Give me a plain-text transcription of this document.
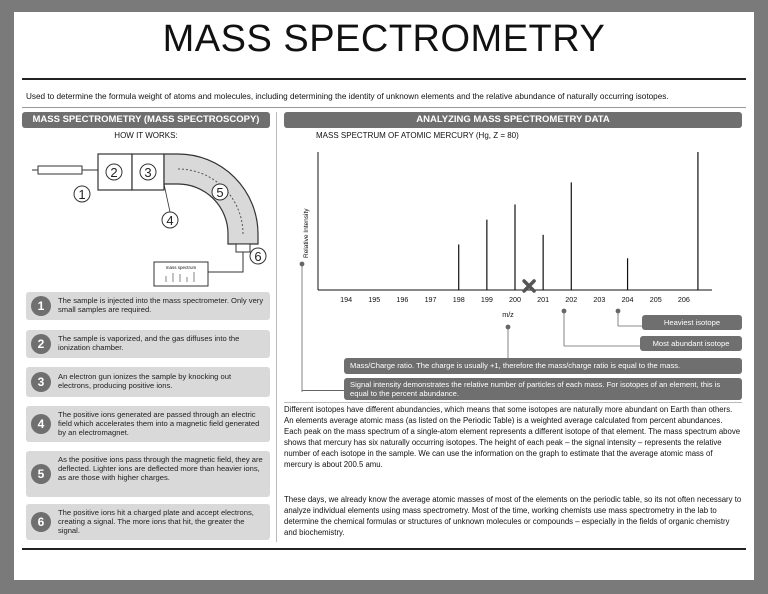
MASS SPECTROMETRY
Used to determine the formula weight of atoms and molecules, including determining the identity of unknown elements and the relative abundance of naturally occurring isotopes.
MASS SPECTROMETRY (MASS SPECTROSCOPY)
HOW IT WORKS:
mass spectrum
1
2 3
4
5
6
1	The sample is injected into the mass spectrometer. Only very small samples are required.
2	The sample is vaporized, and the gas diffuses into the ionization chamber.
3	An electron gun ionizes the sample by knocking out electrons, producing positive ions.
4
The positive ions generated are passed through an electric field which accelerates them into a magnetic field generated by an electromagnet.
5
As the positive ions pass through the magnetic field, they are deflected. Lighter ions are deflected more than heavier ions, as are those with higher charges.
6
The positive ions hit a charged plate and accept electrons, creating a signal. The more ions that hit, the greater the signal.
ANALYZING MASS SPECTROMETRY DATA
MASS SPECTRUM OF ATOMIC MERCURY (Hg, Z = 80)
Relative Intensity
m/z
194 195 196 197 198 199 200 201 202 203 204 205 206
Heaviest isotope
Most abundant isotope
Mass/Charge ratio. The charge is usually +1, therefore the mass/charge ratio is equal to the mass.
Signal intensity demonstrates the relative number of particles of each mass. For isotopes of an element, this is equal to the percent abundance.
Different isotopes have different abundancies, which means that some isotopes are naturally more abundant on Earth than others. An elements average atomic mass (as listed on the Periodic Table) is a weighted average calculated from percent abundances. Each peak on the mass spectrum of a single-atom element represents a different isotope of that element. The mass spectrum above shows that mercury has six naturally occurring isotopes. The height of each peak – the signal intensity – represents the relative number of each isotope in the sample. We can use the information on the graph to estimate that the average atomic mass of mercury is about 200.5 amu.
These days, we already know the average atomic masses of most of the elements on the periodic table, so its not often necessary to analyze individual elements using mass spectrometry. Most of the time, working chemists use mass spectrometry in the lab to determine the chemical formulas or structures of unknown molecules or compounds – especially in the fields of organic chemistry and biochemistry.
